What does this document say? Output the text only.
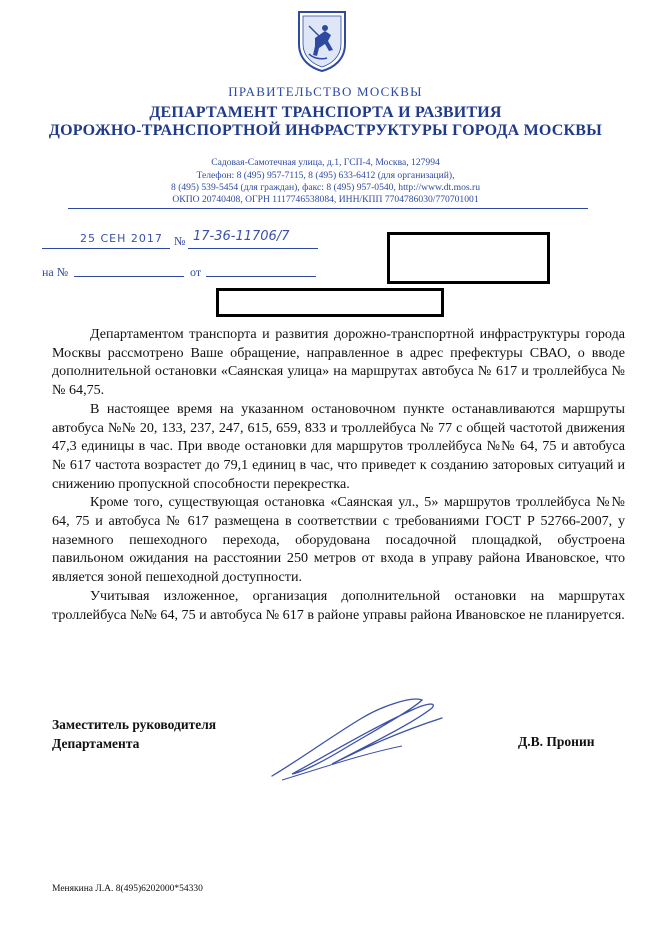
ПРАВИТЕЛЬСТВО МОСКВЫ
ДЕПАРТАМЕНТ ТРАНСПОРТА И РАЗВИТИЯ
ДОРОЖНО-ТРАНСПОРТНОЙ ИНФРАСТРУКТУРЫ ГОРОДА МОСКВЫ
Садовая-Самотечная улица, д.1, ГСП-4, Москва, 127994
Телефон: 8 (495) 957-7115, 8 (495) 633-6412 (для организаций),
8 (495) 539-5454 (для граждан), факс: 8 (495) 957-0540, http://www.dt.mos.ru
ОКПО 20740408, ОГРН 1117746538084, ИНН/КПП 7704786030/770701001
25 СЕН 2017 № 17-36-11706/7
на №	от

Департаментом транспорта и развития дорожно-транспортной инфраструктуры города Москвы рассмотрено Ваше обращение, направленное в адрес префектуры СВАО, о вводе дополнительной остановки «Саянская улица» на маршрутах автобуса № 617 и троллейбуса №№ 64,75.

В настоящее время на указанном остановочном пункте останавливаются маршруты автобуса №№ 20, 133, 237, 247, 615, 659, 833 и троллейбуса № 77 с общей частотой движения 47,3 единицы в час. При вводе остановки для маршрутов троллейбуса №№ 64, 75 и автобуса № 617 частота возрастет до 79,1 единиц в час, что приведет к созданию заторовых ситуаций и снижению пропускной способности перекрестка.

Кроме того, существующая остановка «Саянская ул., 5» маршрутов троллейбуса №№ 64, 75 и автобуса № 617 размещена в соответствии с требованиями ГОСТ Р 52766-2007, у наземного пешеходного перехода, оборудована посадочной площадкой, обустроена павильоном ожидания на расстоянии 250 метров от входа в управу района Ивановское, что является зоной пешеходной доступности.

Учитывая изложенное, организация дополнительной остановки на маршрутах троллейбуса №№ 64, 75 и автобуса № 617 в районе управы района Ивановское не планируется.

Заместитель руководителя
Департамента	Д.В. Пронин
Менякина Л.А. 8(495)6202000*54330
